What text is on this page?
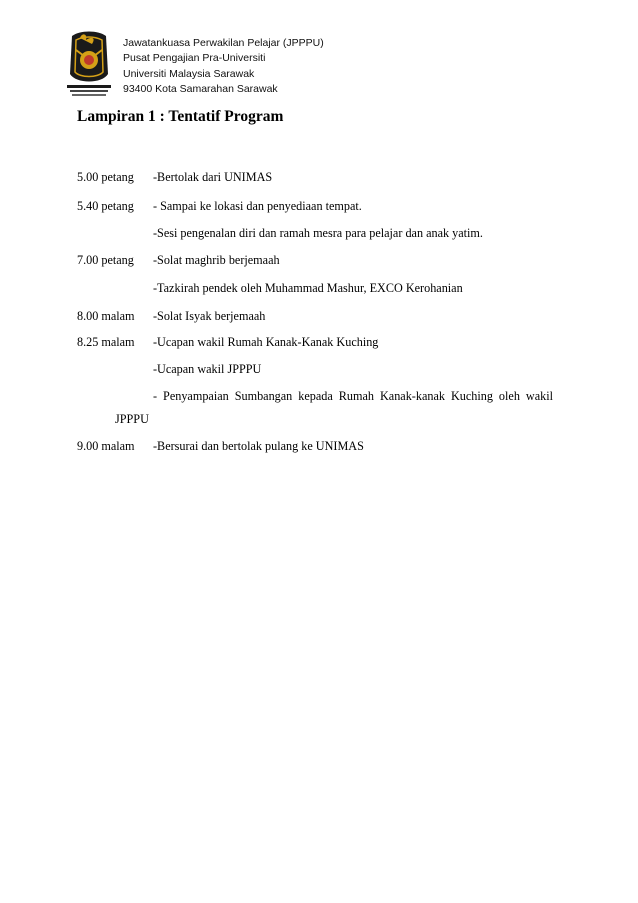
Jawatankuasa Perwakilan Pelajar (JPPPU)
Pusat Pengajian Pra-Universiti
Universiti Malaysia Sarawak
93400 Kota Samarahan Sarawak
Lampiran 1 : Tentatif Program
5.00 petang -Bertolak dari UNIMAS
5.40 petang - Sampai ke lokasi dan penyediaan tempat.
-Sesi pengenalan diri dan ramah mesra para pelajar dan anak yatim.
7.00 petang -Solat maghrib berjemaah
-Tazkirah pendek oleh Muhammad Mashur, EXCO Kerohanian
8.00 malam -Solat Isyak berjemaah
8.25 malam -Ucapan wakil Rumah Kanak-Kanak Kuching
-Ucapan wakil JPPPU
- Penyampaian Sumbangan kepada Rumah Kanak-kanak Kuching oleh wakil
JPPPU
9.00 malam -Bersurai dan bertolak pulang ke UNIMAS
